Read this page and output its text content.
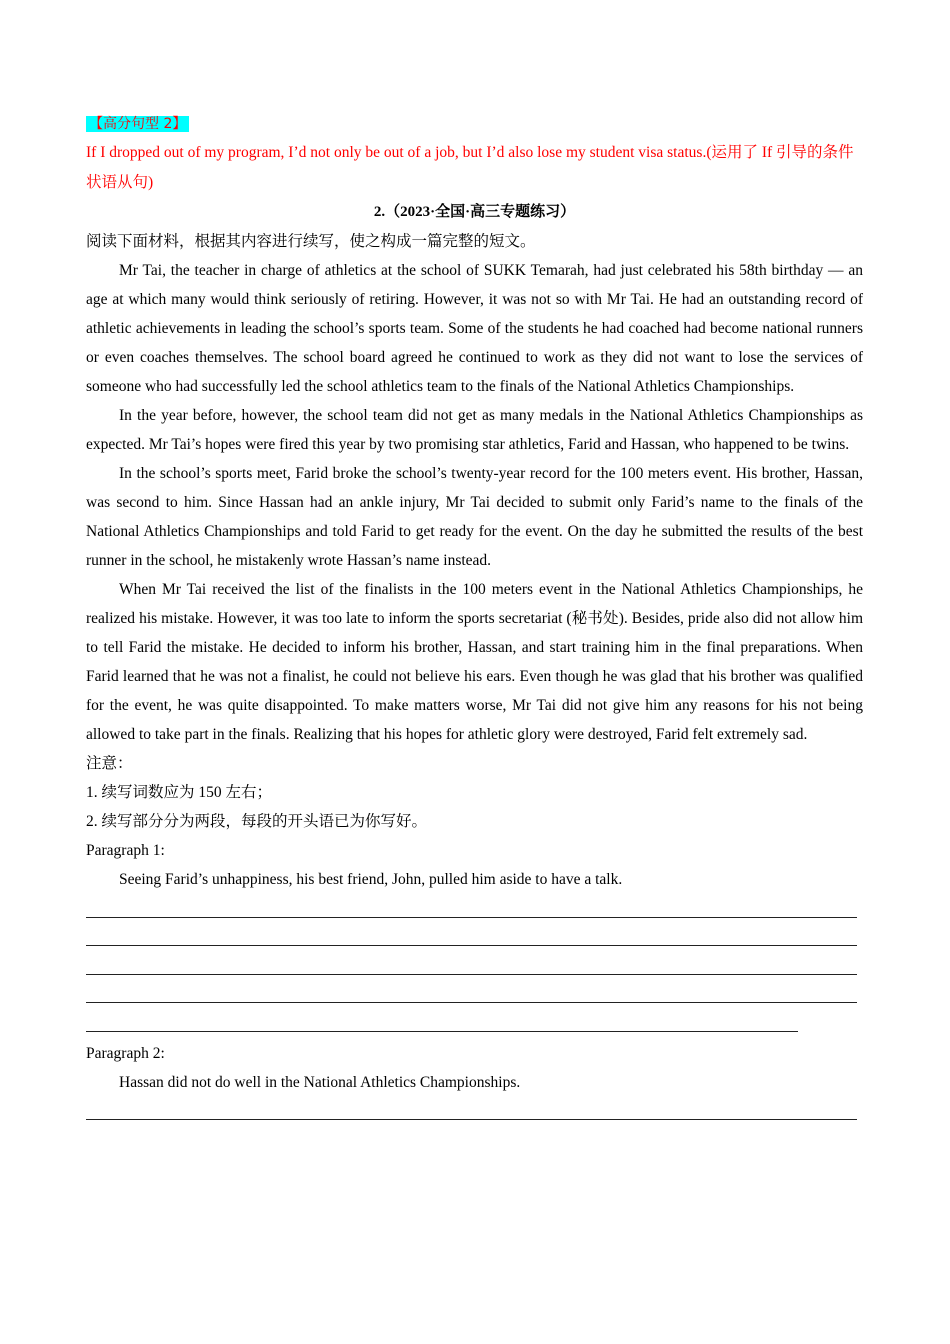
【高分句型 2】

If I dropped out of my program, I’d not only be out of a job, but I’d also lose my student visa status.(运用了 If 引导的条件状语从句)

2.（2023·全国·高三专题练习）

阅读下面材料，根据其内容进行续写，使之构成一篇完整的短文。

Mr Tai, the teacher in charge of athletics at the school of SUKK Temarah, had just celebrated his 58th birthday — an age at which many would think seriously of retiring. However, it was not so with Mr Tai. He had an outstanding record of athletic achievements in leading the school’s sports team. Some of the students he had coached had become national runners or even coaches themselves. The school board agreed he continued to work as they did not want to lose the services of someone who had successfully led the school athletics team to the finals of the National Athletics Championships.

In the year before, however, the school team did not get as many medals in the National Athletics Championships as expected. Mr Tai’s hopes were fired this year by two promising star athletics, Farid and Hassan, who happened to be twins.

In the school’s sports meet, Farid broke the school’s twenty-year record for the 100 meters event. His brother, Hassan, was second to him. Since Hassan had an ankle injury, Mr Tai decided to submit only Farid’s name to the finals of the National Athletics Championships and told Farid to get ready for the event. On the day he submitted the results of the best runner in the school, he mistakenly wrote Hassan’s name instead.

When Mr Tai received the list of the finalists in the 100 meters event in the National Athletics Championships, he realized his mistake. However, it was too late to inform the sports secretariat (秘书处). Besides, pride also did not allow him to tell Farid the mistake. He decided to inform his brother, Hassan, and start training him in the final preparations. When Farid learned that he was not a finalist, he could not believe his ears. Even though he was glad that his brother was qualified for the event, he was quite disappointed. To make matters worse, Mr Tai did not give him any reasons for his not being allowed to take part in the finals. Realizing that his hopes for athletic glory were destroyed, Farid felt extremely sad.

注意：

1. 续写词数应为 150 左右；

2. 续写部分分为两段，每段的开头语已为你写好。

Paragraph 1:

Seeing Farid’s unhappiness, his best friend, John, pulled him aside to have a talk.

Paragraph 2:

Hassan did not do well in the National Athletics Championships.
